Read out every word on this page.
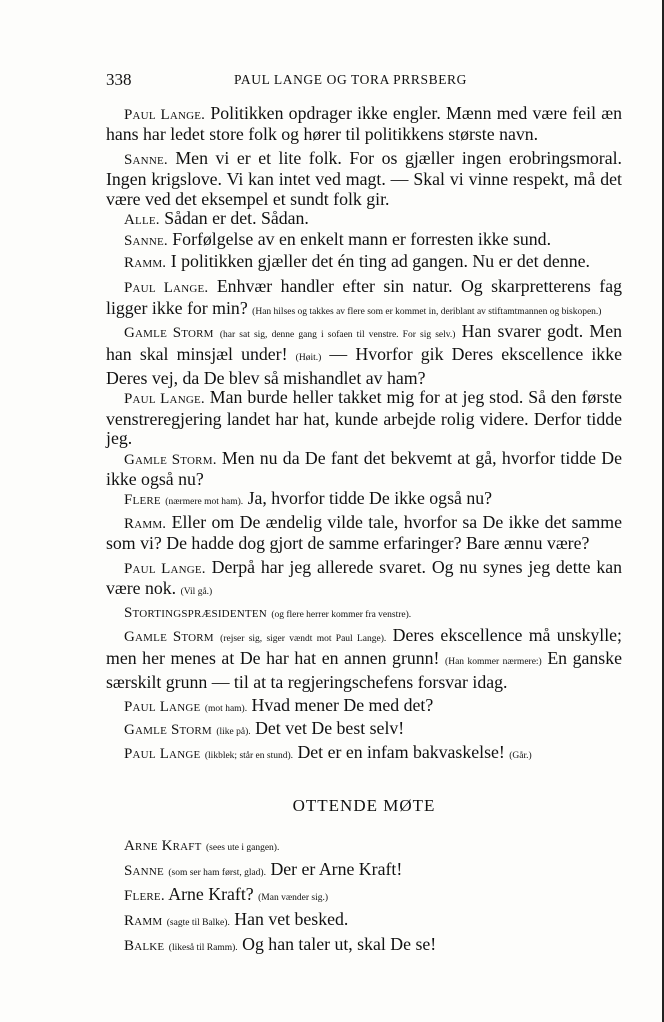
338	PAUL LANGE OG TORA PRRSBERG

Paul Lange. Politikken opdrager ikke engler. Mænn med være feil æn hans har ledet store folk og hører til politikkens største navn.

Sanne. Men vi er et lite folk. For os gjæller ingen erobringsmoral. Ingen krigslove. Vi kan intet ved magt. — Skal vi vinne respekt, må det være ved det eksempel et sundt folk gir.

Alle. Sådan er det. Sådan.

Sanne. Forfølgelse av en enkelt mann er forresten ikke sund.

Ramm. I politikken gjæller det én ting ad gangen. Nu er det denne.

Paul Lange. Enhvær handler efter sin natur. Og skarpretterens fag ligger ikke for min? (Han hilses og takkes av flere som er kommet in, deriblant av stiftamtmannen og biskopen.)

Gamle Storm (har sat sig, denne gang i sofaen til venstre. For sig selv.) Han svarer godt. Men han skal minsjæl under! (Høit.) — Hvorfor gik Deres ekscellence ikke Deres vej, da De blev så mishandlet av ham?

Paul Lange. Man burde heller takket mig for at jeg stod. Så den første venstreregjering landet har hat, kunde arbejde rolig videre. Derfor tidde jeg.

Gamle Storm. Men nu da De fant det bekvemt at gå, hvorfor tidde De ikke også nu?

Flere (nærmere mot ham). Ja, hvorfor tidde De ikke også nu?

Ramm. Eller om De ændelig vilde tale, hvorfor sa De ikke det samme som vi? De hadde dog gjort de samme erfaringer? Bare ænnu være?

Paul Lange. Derpå har jeg allerede svaret. Og nu synes jeg dette kan være nok. (Vil gå.)

Stortingspræsidenten (og flere herrer kommer fra venstre).

Gamle Storm (rejser sig, siger vændt mot Paul Lange). Deres ekscellence må unskylle; men her menes at De har hat en annen grunn! (Han kommer nærmere:) En ganske særskilt grunn — til at ta regjeringschefens forsvar idag.

Paul Lange (mot ham). Hvad mener De med det?

Gamle Storm (like på). Det vet De best selv!

Paul Lange (likblek; står en stund). Det er en infam bakvaskelse! (Går.)

OTTENDE MØTE

Arne Kraft (sees ute i gangen).

Sanne (som ser ham først, glad). Der er Arne Kraft!

Flere. Arne Kraft? (Man vænder sig.)

Ramm (sagte til Balke). Han vet besked.

Balke (likeså til Ramm). Og han taler ut, skal De se!
